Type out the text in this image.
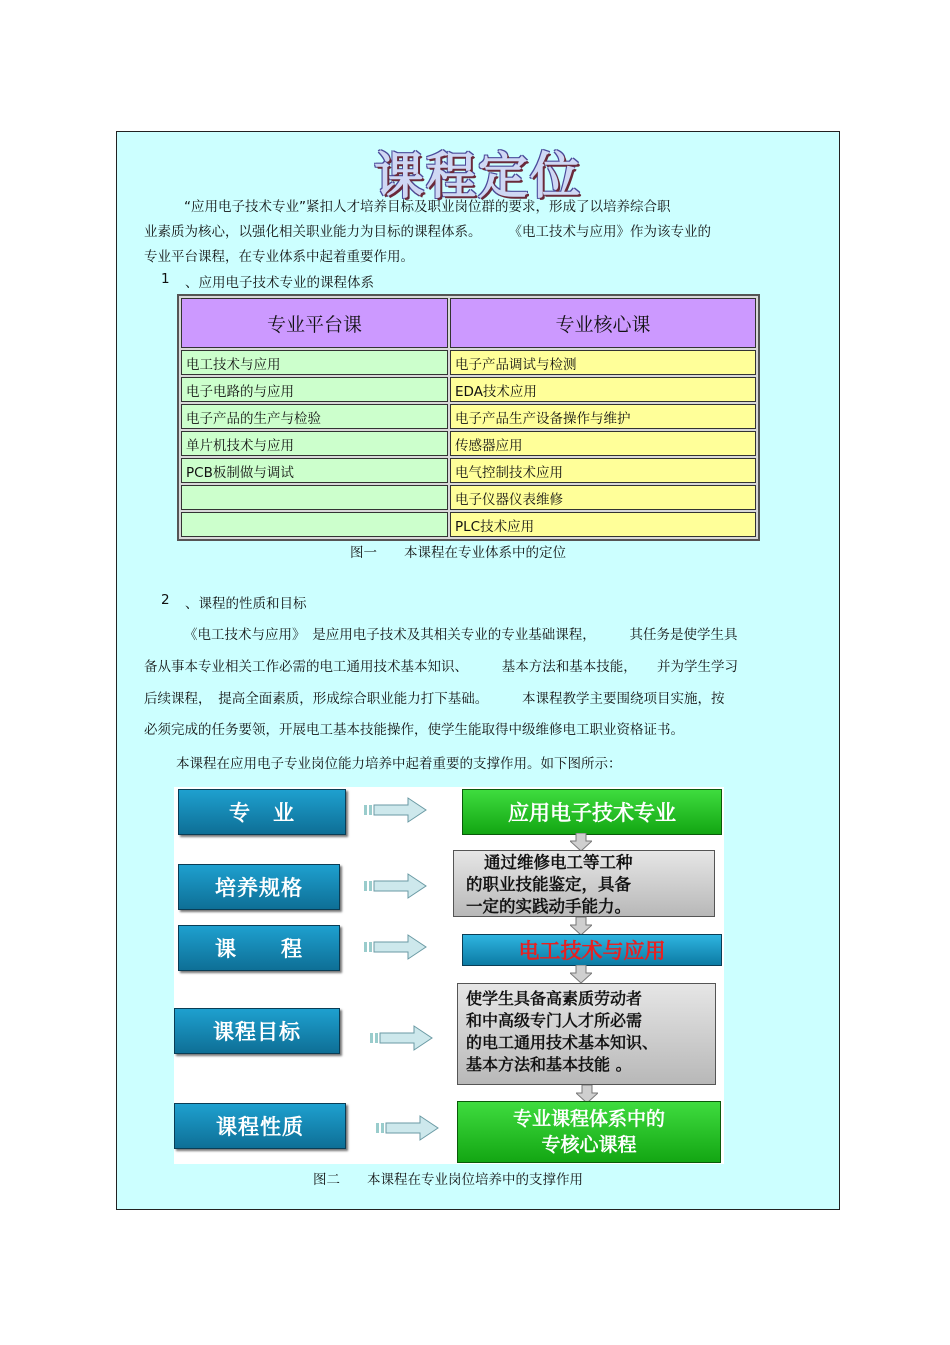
课程定位
“应用电子技术专业”紧扣人才培养目标及职业岗位群的要求，形成了以培养综合职
业素质为核心，以强化相关职业能力为目标的课程体系。　　　《电工技术与应用》作为该专业的
专业平台课程，在专业体系中起着重要作用。
1 、应用电子技术专业的课程体系
专业平台课	专业核心课
电工技术与应用	电子产品调试与检测
电子电路的与应用	EDA技术应用
电子产品的生产与检验	电子产品生产设备操作与维护
单片机技术与应用	传感器应用
PCB板制做与调试	电气控制技术应用
	电子仪器仪表维修
	PLC技术应用
图一　　本课程在专业体系中的定位
2 、课程的性质和目标
《电工技术与应用》　是应用电子技术及其相关专业的专业基础课程，　　　其任务是使学生具
备从事本专业相关工作必需的电工通用技术基本知识、　　　基本方法和基本技能，　　并为学生学习
后续课程，　提高全面素质，形成综合职业能力打下基础。　　　本课程教学主要围绕项目实施，按
必须完成的任务要领，开展电工基本技能操作，使学生能取得中级维修电工职业资格证书。
本课程在应用电子专业岗位能力培养中起着重要的支撑作用。如下图所示：
专　业
培养规格
课　　程
课程目标
课程性质
应用电子技术专业
通过维修电工等工种
的职业技能鉴定，具备
一定的实践动手能力。
电工技术与应用
使学生具备高素质劳动者
和中高级专门人才所必需
的电工通用技术基本知识、
基本方法和基本技能 。
专业课程体系中的
专核心课程
图二　　本课程在专业岗位培养中的支撑作用
